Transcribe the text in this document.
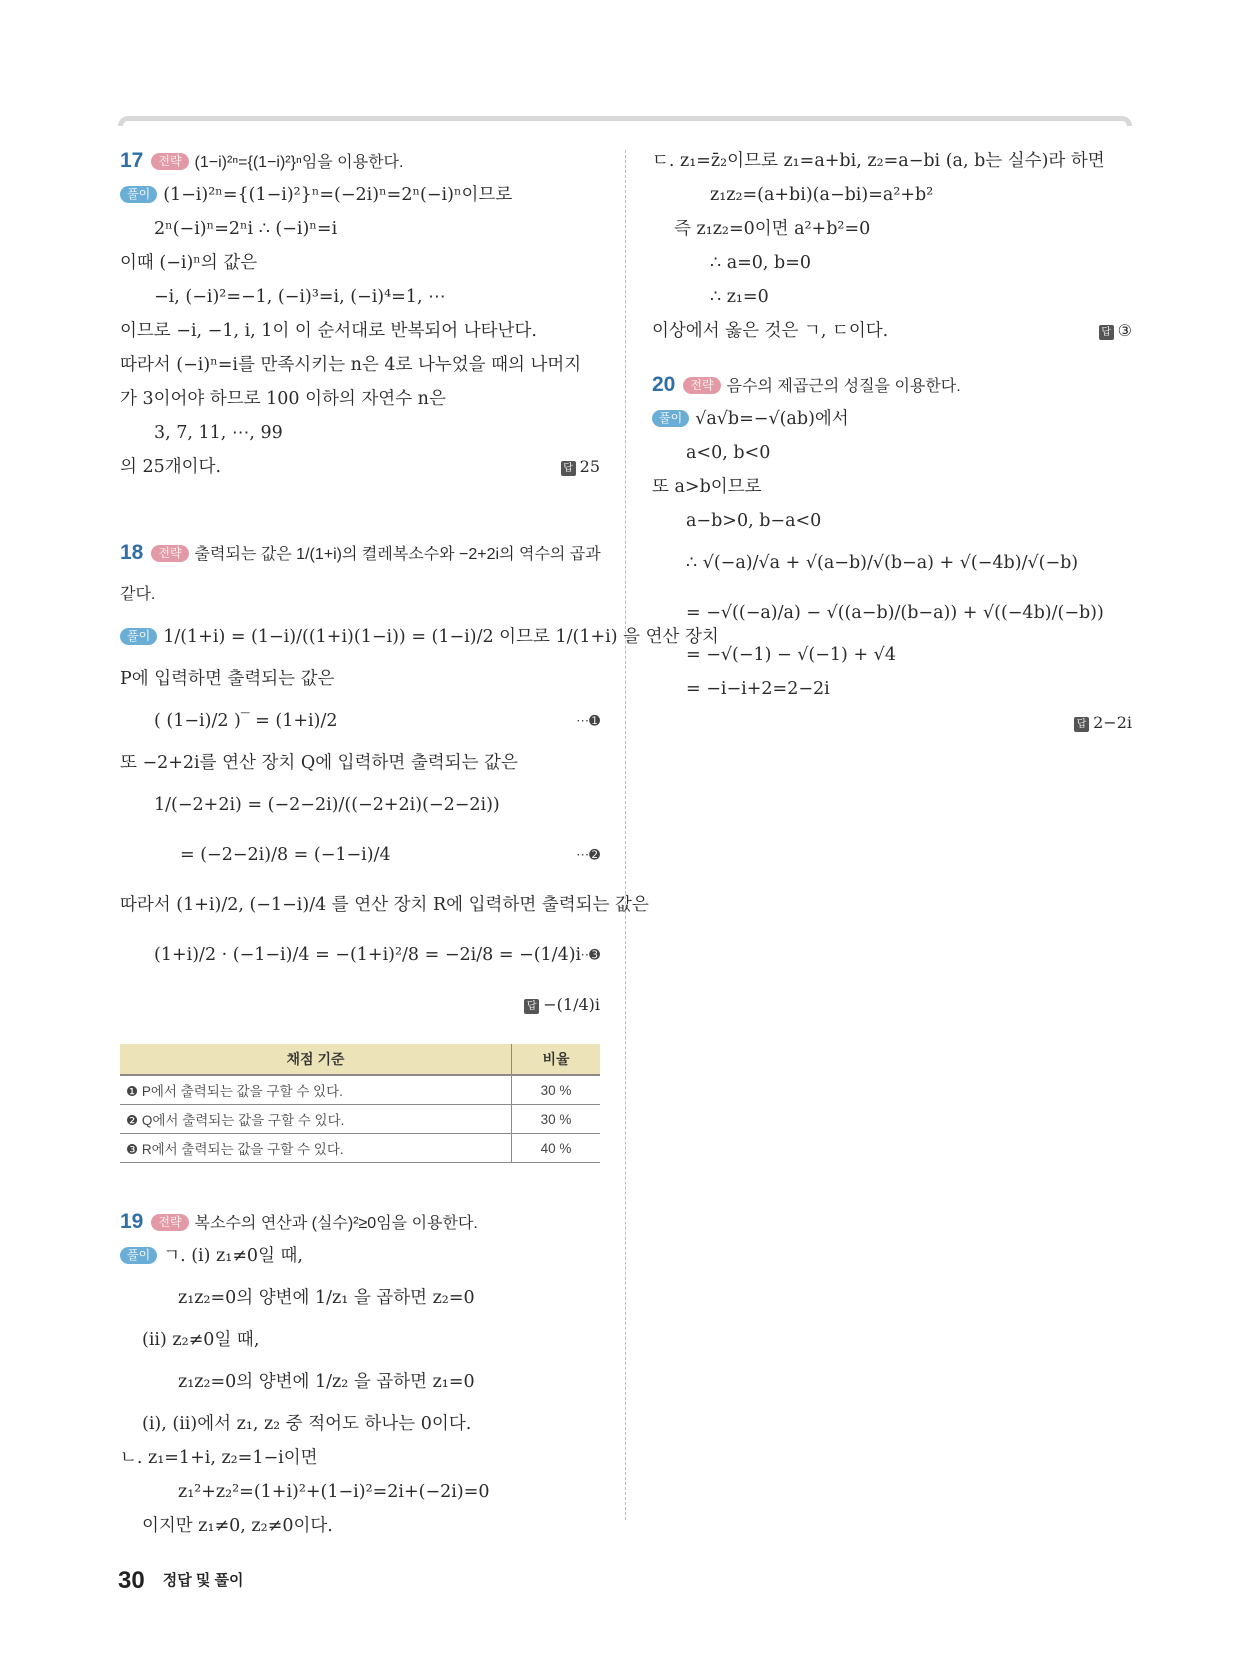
17 전략 (1−i)²ⁿ={(1−i)²}ⁿ임을 이용한다.
풀이 (1−i)²ⁿ={(1−i)²}ⁿ=(−2i)ⁿ=2ⁿ(−i)ⁿ이므로
2ⁿ(−i)ⁿ=2ⁿi ∴ (−i)ⁿ=i
이때 (−i)ⁿ의 값은
−i, (−i)²=−1, (−i)³=i, (−i)⁴=1, ⋯
이므로 −i, −1, i, 1이 이 순서대로 반복되어 나타난다.
따라서 (−i)ⁿ=i를 만족시키는 n은 4로 나누었을 때의 나머지
가 3이어야 하므로 100 이하의 자연수 n은
3, 7, 11, ⋯, 99
의 25개이다.	답 25
18 전략 출력되는 값은 1/(1+i)의 켤레복소수와 −2+2i의 역수의 곱과
같다.
풀이 1/(1+i) = (1−i)/((1+i)(1−i)) = (1−i)/2 이므로 1/(1+i) 을 연산 장치
P에 입력하면 출력되는 값은
( (1−i)/2 )‾ = (1+i)/2	⋯➊
또 −2+2i를 연산 장치 Q에 입력하면 출력되는 값은
1/(−2+2i) = (−2−2i)/((−2+2i)(−2−2i))
= (−2−2i)/8 = (−1−i)/4	⋯➋
따라서 (1+i)/2, (−1−i)/4 를 연산 장치 R에 입력하면 출력되는 값은
(1+i)/2 · (−1−i)/4 = −(1+i)²/8 = −2i/8 = −(1/4)i
⋯➌
답 −(1/4)i
채점 기준	비율
❶ P에서 출력되는 값을 구할 수 있다.	30 %
❷ Q에서 출력되는 값을 구할 수 있다.	30 %
❸ R에서 출력되는 값을 구할 수 있다.	40 %
19 전략 복소수의 연산과 (실수)²≥0임을 이용한다.
풀이 ㄱ. (i) z₁≠0일 때,
z₁z₂=0의 양변에 1/z₁ 을 곱하면 z₂=0
(ii) z₂≠0일 때,
z₁z₂=0의 양변에 1/z₂ 을 곱하면 z₁=0
(i), (ii)에서 z₁, z₂ 중 적어도 하나는 0이다.
ㄴ. z₁=1+i, z₂=1−i이면
z₁²+z₂²=(1+i)²+(1−i)²=2i+(−2i)=0
이지만 z₁≠0, z₂≠0이다.
ㄷ. z₁=z̄₂이므로 z₁=a+bi, z₂=a−bi (a, b는 실수)라 하면
z₁z₂=(a+bi)(a−bi)=a²+b²
즉 z₁z₂=0이면 a²+b²=0
∴ a=0, b=0
∴ z₁=0
이상에서 옳은 것은 ㄱ, ㄷ이다.	답 ③
20 전략 음수의 제곱근의 성질을 이용한다.
풀이 √a√b=−√(ab)에서
a<0, b<0
또 a>b이므로
a−b>0, b−a<0
∴ √(−a)/√a + √(a−b)/√(b−a) + √(−4b)/√(−b)
= −√((−a)/a) − √((a−b)/(b−a)) + √((−4b)/(−b))
= −√(−1) − √(−1) + √4
= −i−i+2=2−2i
답 2−2i
30 정답 및 풀이
